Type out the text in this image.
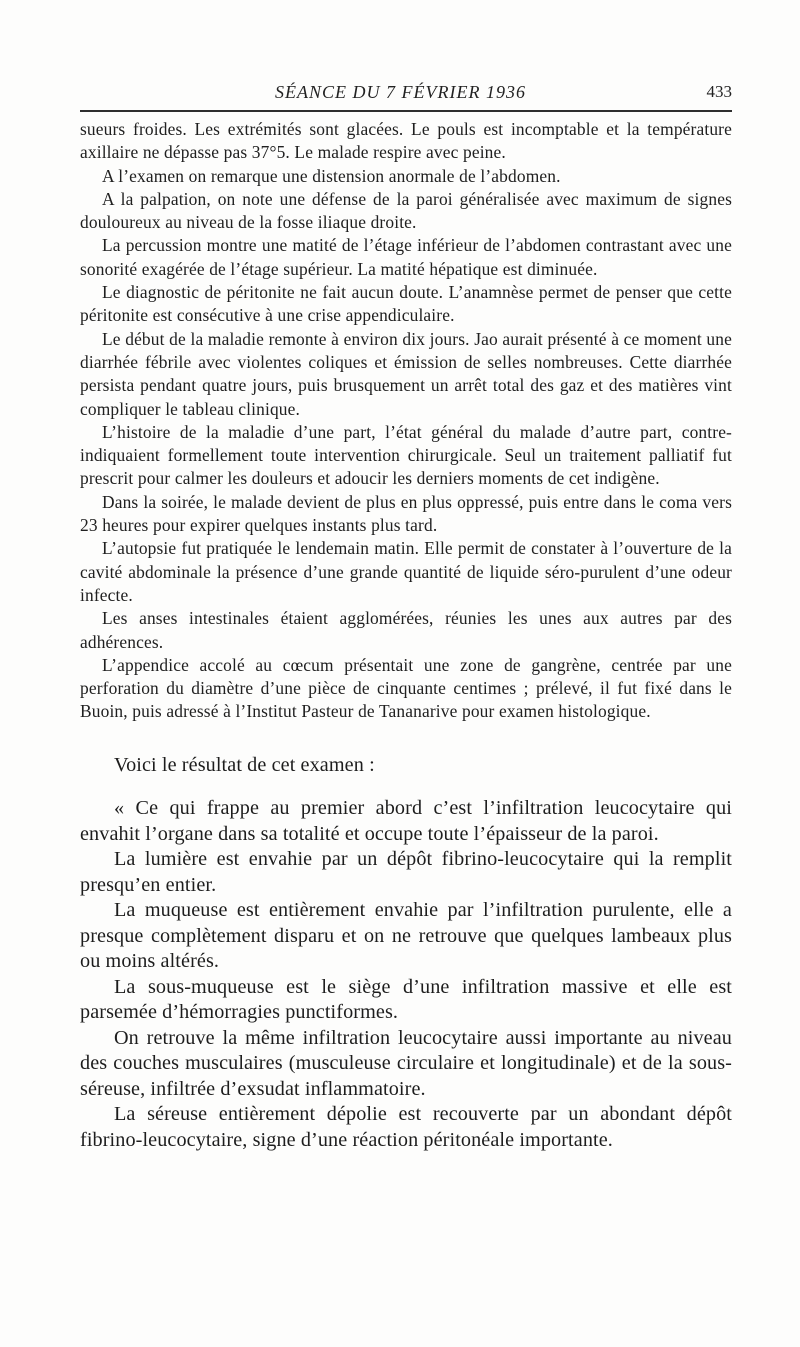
SÉANCE DU 7 FÉVRIER 1936	433

sueurs froides. Les extrémités sont glacées. Le pouls est incomptable et la température axillaire ne dépasse pas 37°5. Le malade respire avec peine.

A l’examen on remarque une distension anormale de l’abdomen.

A la palpation, on note une défense de la paroi généralisée avec maximum de signes douloureux au niveau de la fosse iliaque droite.

La percussion montre une matité de l’étage inférieur de l’abdomen contrastant avec une sonorité exagérée de l’étage supérieur. La matité hépatique est diminuée.

Le diagnostic de péritonite ne fait aucun doute. L’anamnèse permet de penser que cette péritonite est consécutive à une crise appendiculaire.

Le début de la maladie remonte à environ dix jours. Jao aurait présenté à ce moment une diarrhée fébrile avec violentes coliques et émission de selles nombreuses. Cette diarrhée persista pendant quatre jours, puis brusquement un arrêt total des gaz et des matières vint compliquer le tableau clinique.

L’histoire de la maladie d’une part, l’état général du malade d’autre part, contre-indiquaient formellement toute intervention chirurgicale. Seul un traitement palliatif fut prescrit pour calmer les douleurs et adoucir les derniers moments de cet indigène.

Dans la soirée, le malade devient de plus en plus oppressé, puis entre dans le coma vers 23 heures pour expirer quelques instants plus tard.

L’autopsie fut pratiquée le lendemain matin. Elle permit de constater à l’ouverture de la cavité abdominale la présence d’une grande quantité de liquide séro-purulent d’une odeur infecte.

Les anses intestinales étaient agglomérées, réunies les unes aux autres par des adhérences.

L’appendice accolé au cœcum présentait une zone de gangrène, centrée par une perforation du diamètre d’une pièce de cinquante centimes ; prélevé, il fut fixé dans le Buoin, puis adressé à l’Institut Pasteur de Tananarive pour examen histologique.

Voici le résultat de cet examen :

« Ce qui frappe au premier abord c’est l’infiltration leucocytaire qui envahit l’organe dans sa totalité et occupe toute l’épaisseur de la paroi.

La lumière est envahie par un dépôt fibrino-leucocytaire qui la remplit presqu’en entier.

La muqueuse est entièrement envahie par l’infiltration purulente, elle a presque complètement disparu et on ne retrouve que quelques lambeaux plus ou moins altérés.

La sous-muqueuse est le siège d’une infiltration massive et elle est parsemée d’hémorragies punctiformes.

On retrouve la même infiltration leucocytaire aussi importante au niveau des couches musculaires (musculeuse circulaire et longitudinale) et de la sous-séreuse, infiltrée d’exsudat inflammatoire.

La séreuse entièrement dépolie est recouverte par un abondant dépôt fibrino-leucocytaire, signe d’une réaction péritonéale importante.
